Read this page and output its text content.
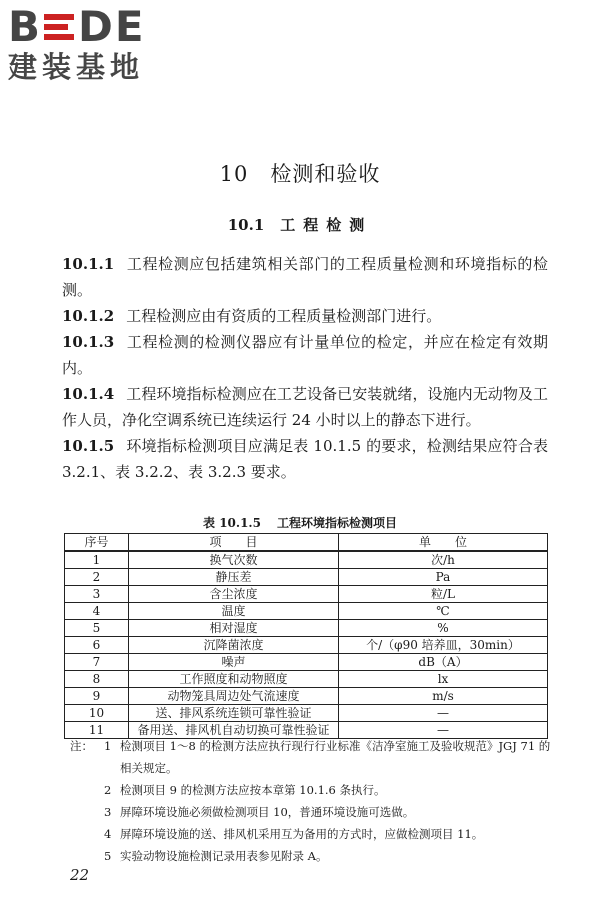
B DE
建装基地
10 检测和验收
10.1 工程检测

10.1.1 工程检测应包括建筑相关部门的工程质量检测和环境指标的检测。

10.1.2 工程检测应由有资质的工程质量检测部门进行。

10.1.3 工程检测的检测仪器应有计量单位的检定，并应在检定有效期内。

10.1.4 工程环境指标检测应在工艺设备已安装就绪，设施内无动物及工作人员，净化空调系统已连续运行 24 小时以上的静态下进行。

10.1.5 环境指标检测项目应满足表 10.1.5 的要求，检测结果应符合表 3.2.1、表 3.2.2、表 3.2.3 要求。

表 10.1.5 工程环境指标检测项目
序号	项　　目	单　　位
1	换气次数	次/h
2	静压差	Pa
3	含尘浓度	粒/L
4	温度	℃
5	相对湿度	%
6	沉降菌浓度	个/（φ90 培养皿，30min）
7	噪声	dB（A）
8	工作照度和动物照度	lx
9	动物笼具周边处气流速度	m/s
10	送、排风系统连锁可靠性验证	—
11	备用送、排风机自动切换可靠性验证	—

注： 1 检测项目 1～8 的检测方法应执行现行行业标准《洁净室施工及验收规范》JGJ 71 的相关规定。

2 检测项目 9 的检测方法应按本章第 10.1.6 条执行。

3 屏障环境设施必须做检测项目 10，普通环境设施可选做。

4 屏障环境设施的送、排风机采用互为备用的方式时，应做检测项目 11。

5 实验动物设施检测记录用表参见附录 A。

22
